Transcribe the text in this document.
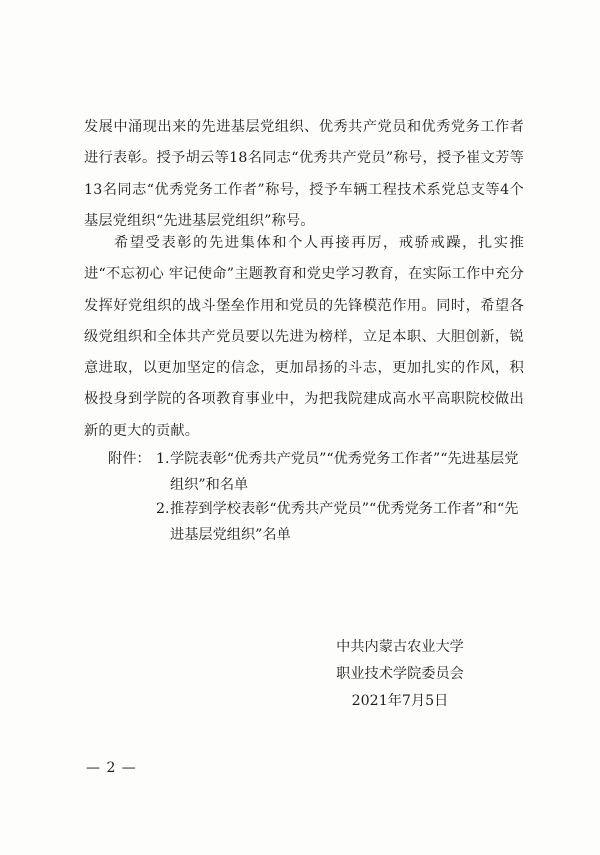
发展中涌现出来的先进基层党组织、优秀共产党员和优秀党务工作者进行表彰。授予胡云等18名同志“优秀共产党员”称号，授予崔文芳等13名同志“优秀党务工作者”称号，授予车辆工程技术系党总支等4个基层党组织“先进基层党组织”称号。

希望受表彰的先进集体和个人再接再厉，戒骄戒躁，扎实推进“不忘初心 牢记使命”主题教育和党史学习教育，在实际工作中充分发挥好党组织的战斗堡垒作用和党员的先锋模范作用。同时，希望各级党组织和全体共产党员要以先进为榜样，立足本职、大胆创新，锐意进取，以更加坚定的信念，更加昂扬的斗志，更加扎实的作风，积极投身到学院的各项教育事业中，为把我院建成高水平高职院校做出新的更大的贡献。

附件： 1.学院表彰“优秀共产党员”“优秀党务工作者”“先进基层党组织”和名单
2.推荐到学校表彰“优秀共产党员”“优秀党务工作者”和“先进基层党组织”名单
中共内蒙古农业大学
职业技术学院委员会
2021年7月5日
— 2 —
